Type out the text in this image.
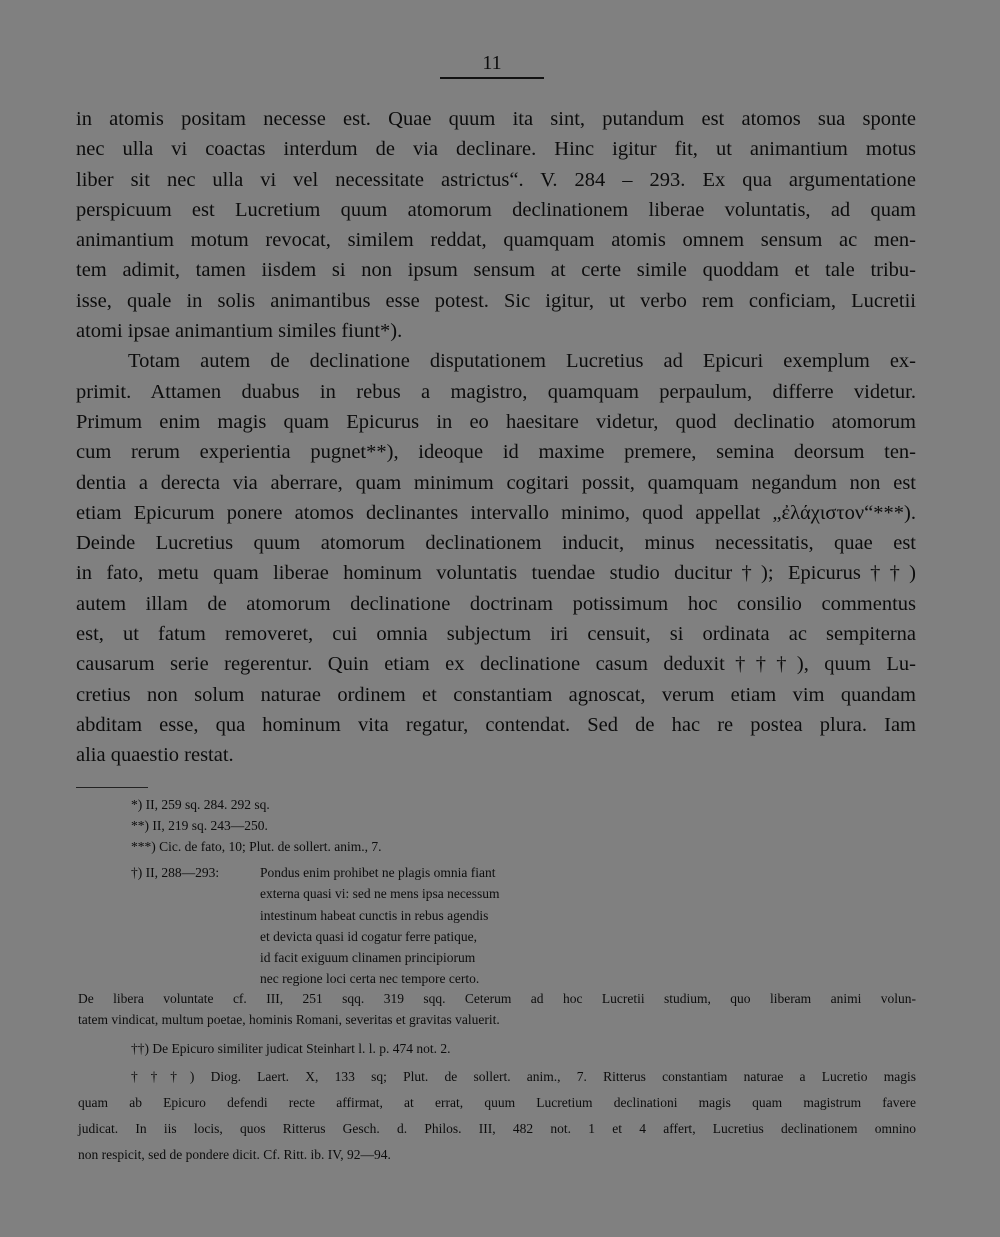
11
in atomis positam necesse est. Quae quum ita sint, putandum est atomos sua sponte
nec ulla vi coactas interdum de via declinare. Hinc igitur fit, ut animantium motus
liber sit nec ulla vi vel necessitate astrictus“. V. 284 – 293. Ex qua argumentatione
perspicuum est Lucretium quum atomorum declinationem liberae voluntatis, ad quam
animantium motum revocat, similem reddat, quamquam atomis omnem sensum ac men-
tem adimit, tamen iisdem si non ipsum sensum at certe simile quoddam et tale tribu-
isse, quale in solis animantibus esse potest. Sic igitur, ut verbo rem conficiam, Lucretii
atomi ipsae animantium similes fiunt*).
Totam autem de declinatione disputationem Lucretius ad Epicuri exemplum ex-
primit. Attamen duabus in rebus a magistro, quamquam perpaulum, differre videtur.
Primum enim magis quam Epicurus in eo haesitare videtur, quod declinatio atomorum
cum rerum experientia pugnet**), ideoque id maxime premere, semina deorsum ten-
dentia a derecta via aberrare, quam minimum cogitari possit, quamquam negandum non est
etiam Epicurum ponere atomos declinantes intervallo minimo, quod appellat „ἐλάχιστον“***).
Deinde Lucretius quum atomorum declinationem inducit, minus necessitatis, quae est
in fato, metu quam liberae hominum voluntatis tuendae studio ducitur†); Epicurus††)
autem illam de atomorum declinatione doctrinam potissimum hoc consilio commentus
est, ut fatum removeret, cui omnia subjectum iri censuit, si ordinata ac sempiterna
causarum serie regerentur. Quin etiam ex declinatione casum deduxit†††), quum Lu-
cretius non solum naturae ordinem et constantiam agnoscat, verum etiam vim quandam
abditam esse, qua hominum vita regatur, contendat. Sed de hac re postea plura. Iam
alia quaestio restat.
*) II, 259 sq. 284. 292 sq.
**) II, 219 sq. 243—250.
***) Cic. de fato, 10; Plut. de sollert. anim., 7.
†) II, 288—293:	Pondus enim prohibet ne plagis omnia fiant
externa quasi vi: sed ne mens ipsa necessum
intestinum habeat cunctis in rebus agendis
et devicta quasi id cogatur ferre patique,
id facit exiguum clinamen principiorum
nec regione loci certa nec tempore certo.
De libera voluntate cf. III, 251 sqq. 319 sqq. Ceterum ad hoc Lucretii studium, quo liberam animi volun-
tatem vindicat, multum poetae, hominis Romani, severitas et gravitas valuerit.
††) De Epicuro similiter judicat Steinhart l. l. p. 474 not. 2.
†††) Diog. Laert. X, 133 sq; Plut. de sollert. anim., 7. Ritterus constantiam naturae a Lucretio magis
quam ab Epicuro defendi recte affirmat, at errat, quum Lucretium declinationi magis quam magistrum favere
judicat. In iis locis, quos Ritterus Gesch. d. Philos. III, 482 not. 1 et 4 affert, Lucretius declinationem omnino
non respicit, sed de pondere dicit. Cf. Ritt. ib. IV, 92—94.
